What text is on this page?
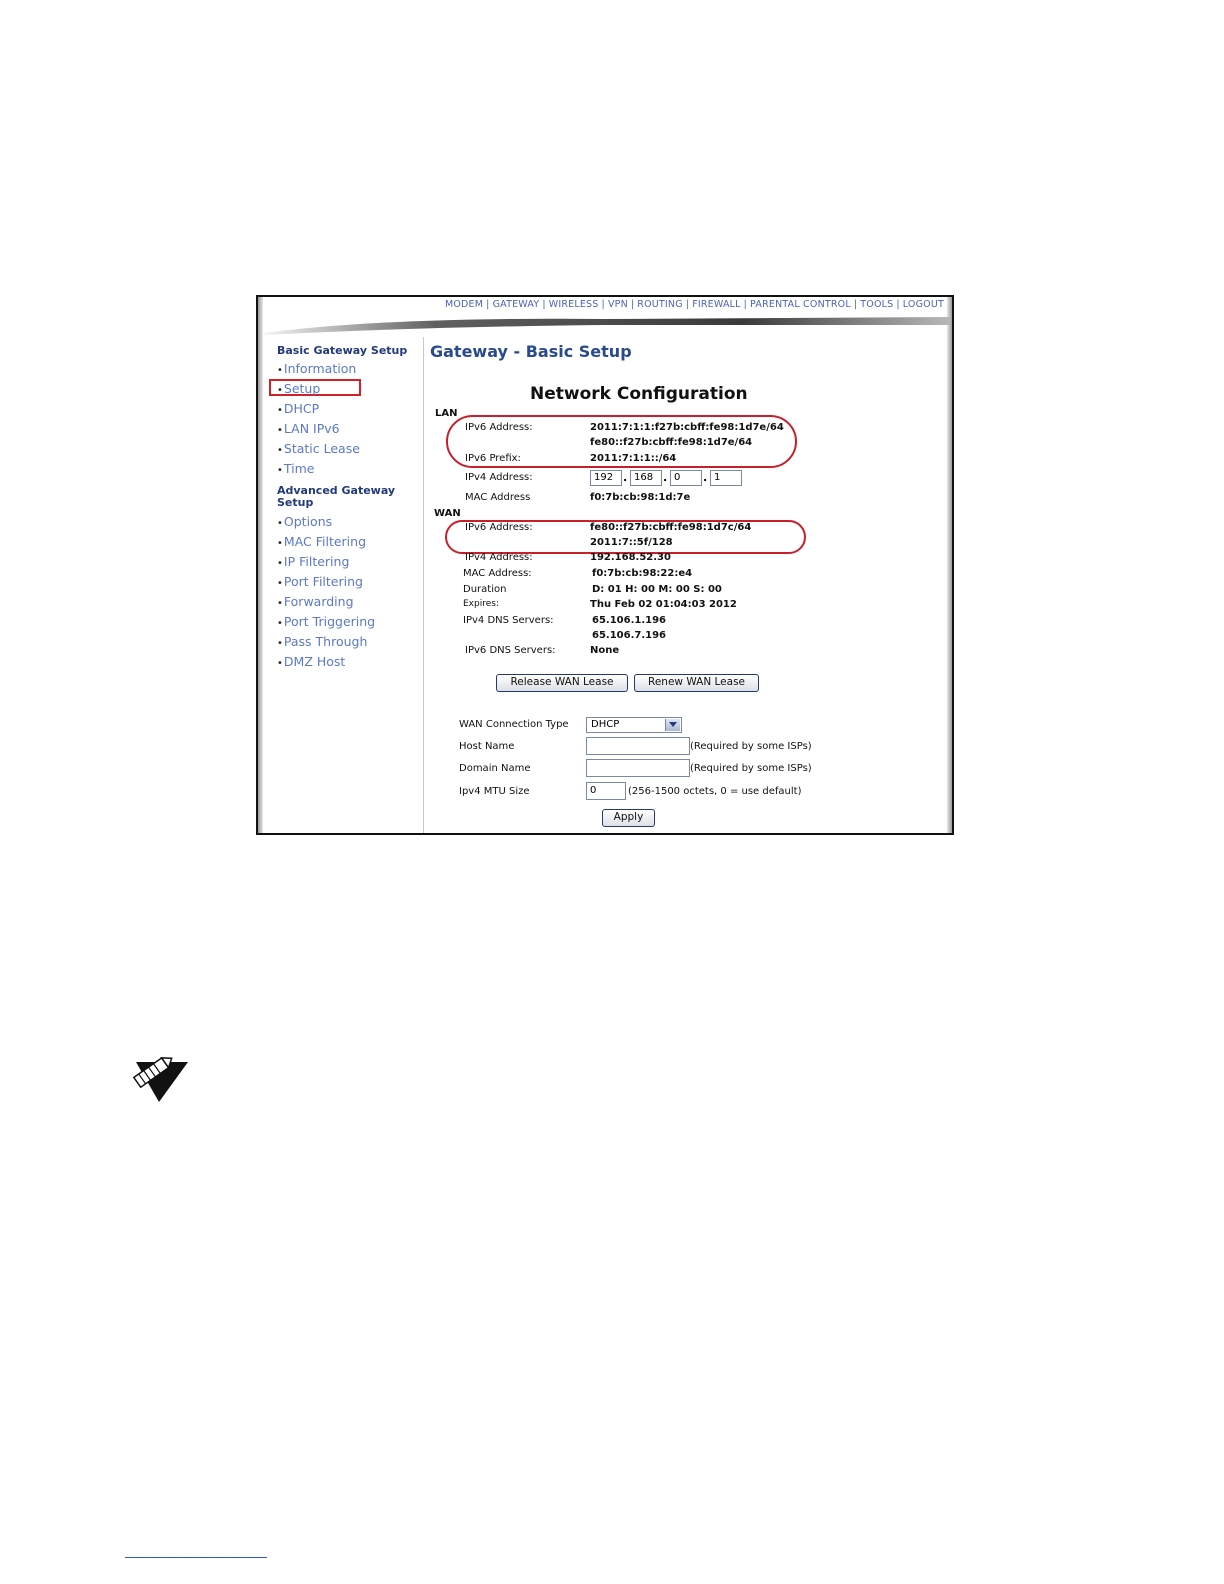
MODEM | GATEWAY | WIRELESS | VPN | ROUTING | FIREWALL | PARENTAL CONTROL | TOOLS | LOGOUT
Basic Gateway Setup
•Information
•Setup
•DHCP
•LAN IPv6
•Static Lease
•Time
Advanced Gateway
Setup
•Options
•MAC Filtering
•IP Filtering
•Port Filtering
•Forwarding
•Port Triggering
•Pass Through
•DMZ Host
Gateway - Basic Setup
Network Configuration
LAN
IPv6 Address:	2011:7:1:1:f27b:cbff:fe98:1d7e/64
fe80::f27b:cbff:fe98:1d7e/64
IPv6 Prefix:	2011:7:1:1::/64
IPv4 Address:	192 . 168 . 0	. 1
MAC Address	f0:7b:cb:98:1d:7e
WAN
IPv6 Address:	fe80::f27b:cbff:fe98:1d7c/64
2011:7::5f/128
IPv4 Address:	192.168.52.30
MAC Address:	f0:7b:cb:98:22:e4
Duration	D: 01 H: 00 M: 00 S: 00
Expires:	Thu Feb 02 01:04:03 2012
IPv4 DNS Servers:	65.106.1.196
65.106.7.196
IPv6 DNS Servers:	None
Release WAN Lease	Renew WAN Lease
WAN Connection Type	DHCP
Host Name	(Required by some ISPs)
Domain Name	(Required by some ISPs)
Ipv4 MTU Size	0	(256-1500 octets, 0 = use default)
Apply
